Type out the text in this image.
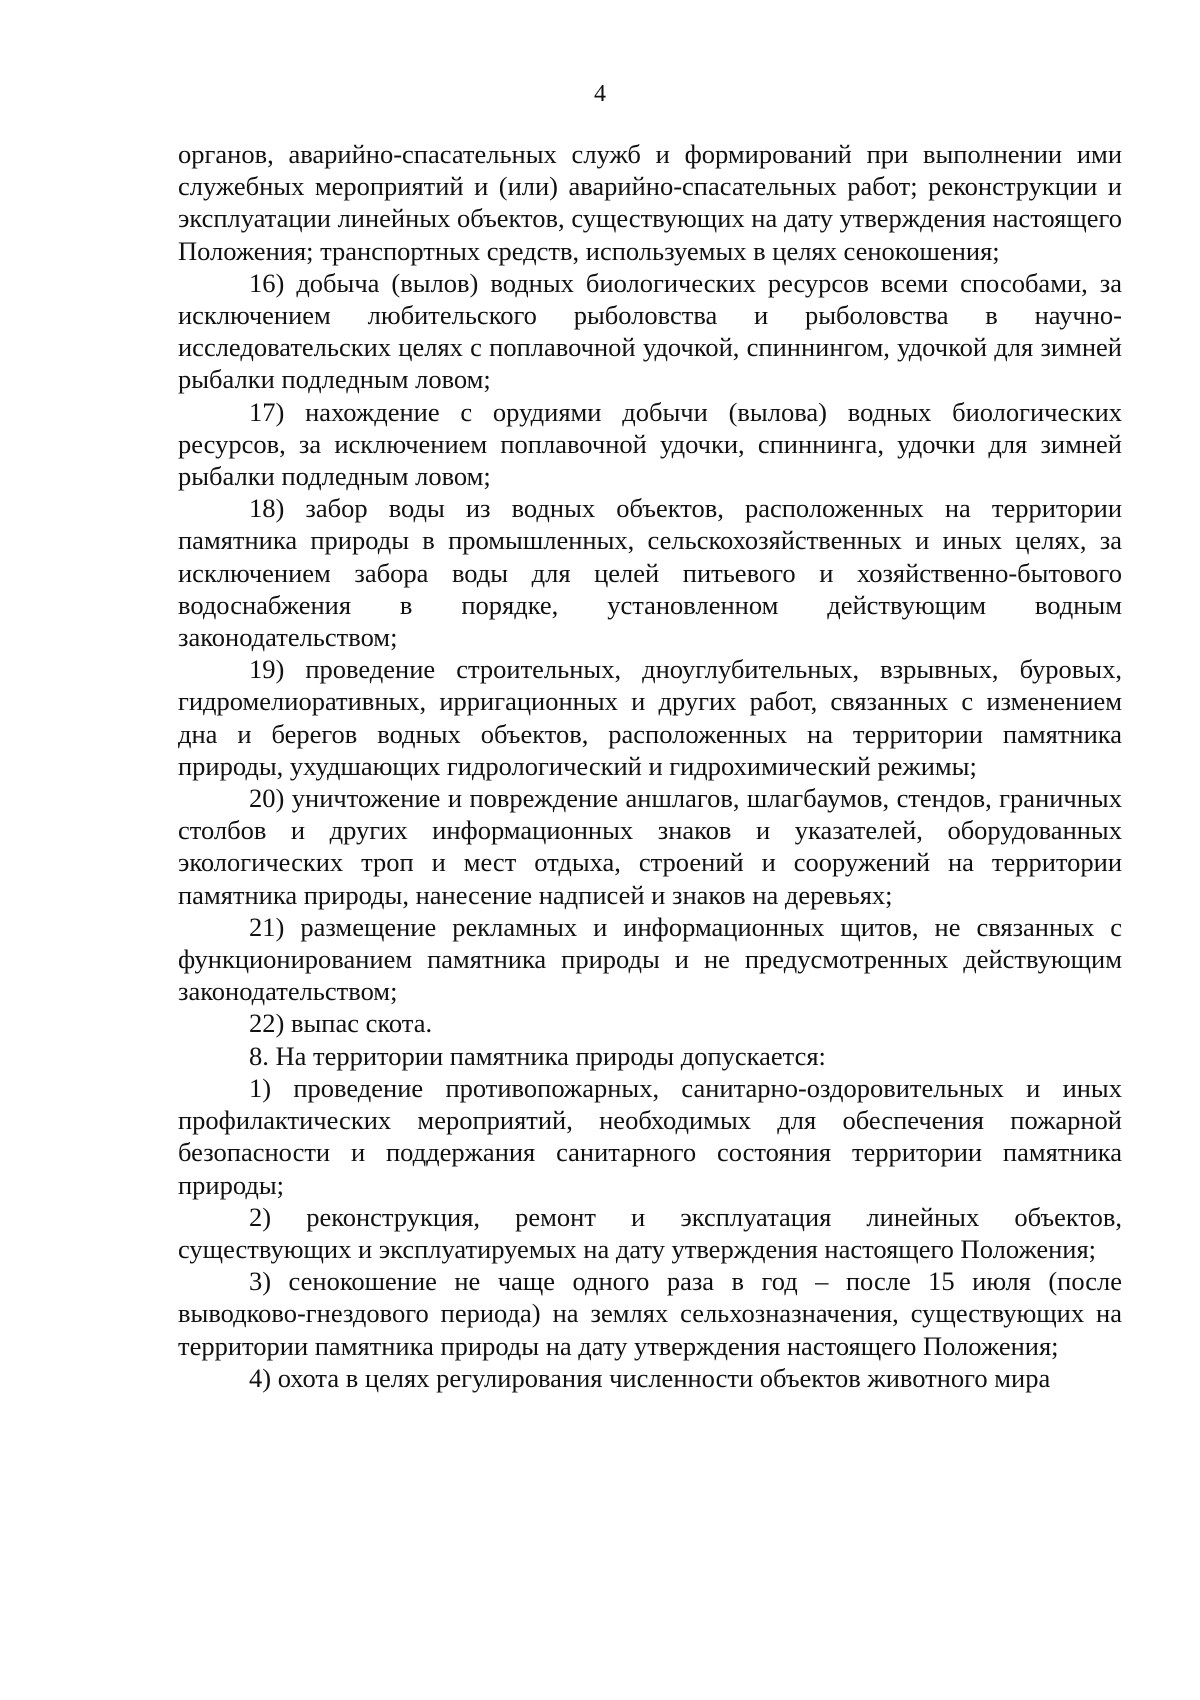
4

органов, аварийно-спасательных служб и формирований при выполнении ими служебных мероприятий и (или) аварийно-спасательных работ; реконструкции и эксплуатации линейных объектов, существующих на дату утверждения настоящего Положения; транспортных средств, используемых в целях сенокошения;

16) добыча (вылов) водных биологических ресурсов всеми способами, за исключением любительского рыболовства и рыболовства в научно-исследовательских целях с поплавочной удочкой, спиннингом, удочкой для зимней рыбалки подледным ловом;

17) нахождение с орудиями добычи (вылова) водных биологических ресурсов, за исключением поплавочной удочки, спиннинга, удочки для зимней рыбалки подледным ловом;

18) забор воды из водных объектов, расположенных на территории памятника природы в промышленных, сельскохозяйственных и иных целях, за исключением забора воды для целей питьевого и хозяйственно-бытового водоснабжения в порядке, установленном действующим водным законодательством;

19) проведение строительных, дноуглубительных, взрывных, буровых, гидромелиоративных, ирригационных и других работ, связанных с изменением дна и берегов водных объектов, расположенных на территории памятника природы, ухудшающих гидрологический и гидрохимический режимы;

20) уничтожение и повреждение аншлагов, шлагбаумов, стендов, граничных столбов и других информационных знаков и указателей, оборудованных экологических троп и мест отдыха, строений и сооружений на территории памятника природы, нанесение надписей и знаков на деревьях;

21) размещение рекламных и информационных щитов, не связанных с функционированием памятника природы и не предусмотренных действующим законодательством;

22) выпас скота.

8. На территории памятника природы допускается:

1) проведение противопожарных, санитарно-оздоровительных и иных профилактических мероприятий, необходимых для обеспечения пожарной безопасности и поддержания санитарного состояния территории памятника природы;

2) реконструкция, ремонт и эксплуатация линейных объектов, существующих и эксплуатируемых на дату утверждения настоящего Положения;

3) сенокошение не чаще одного раза в год – после 15 июля (после выводково-гнездового периода) на землях сельхозназначения, существующих на территории памятника природы на дату утверждения настоящего Положения;

4) охота в целях регулирования численности объектов животного мира
